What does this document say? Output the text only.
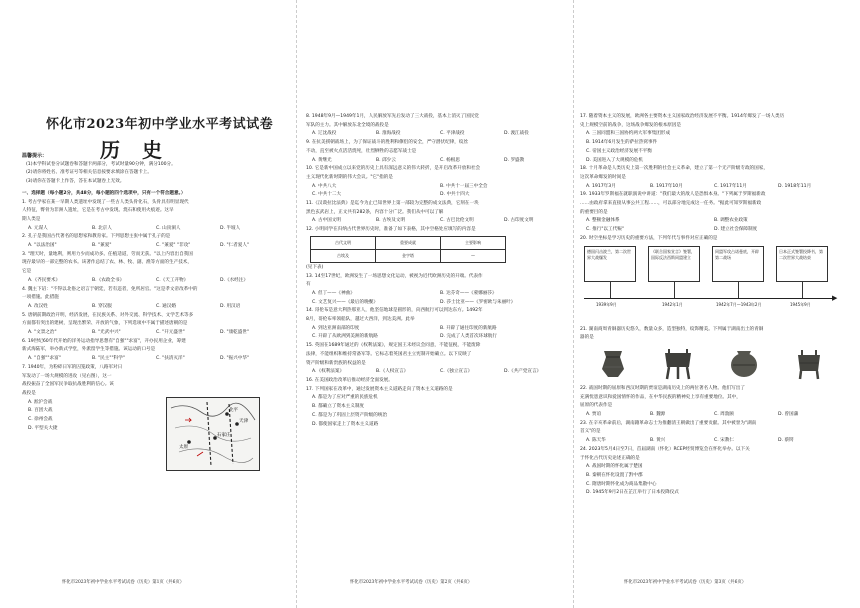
怀化市2023年初中学业水平考试试卷
历史
温馨提示：
(1)本学科试卷分试题卷和答题卡两部分，考试时量90分钟，满分100分。
(2)请你将姓名、准考证号等相关信息按要求填涂在答题卡上。
(3)请你在答题卡上作答，答在本试题卷上无效。
一、选择题（每小题2分，共48分，每小题的四个选项中，只有一个符合题意。）
1. 考古学家在某一早期人类遗址中发现了一些古人类头骨化石，头骨具有明显现代
人特征，臀骨为非洲人遗址，它是在考古中发现、烧石和使用火痕迹。这早
期人类是
A. 元谋人	B. 北京人	C. 山顶洞人	D. 半坡人
2. 孔子是我国古代著名的思想家和教育家。下列思想主张中属于孔子的是
A. "以法治国"	B. "兼爱"	C. "兼爱" "非攻"	D. "仁者爱人"
3. "理天时，量地利，则用力少而成功多。任植适道，劳而无获。"以上内容出自我国
现存最早的一部完整的农书。该著作总结了农、林、牧、副、渔等方面的生产技术，
它是
A.《齐民要术》	B.《农政全书》	C.《天工开物》	D.《水经注》
4. 魏主下诏："不得以北俗之语言于朝廷，若有违者，免所居官。"这是孝文帝改革中的
一项措施。此措施
A. 改汉姓	B. 穿汉服	C. 通汉婚	D. 用汉语
5. 唐朝前期政治开明，经济发展，在民族关系、对外交流、科学技术、文学艺术等多
方面都有突出的建树，呈现出繁荣、开放的气象，下列选项中不属于描述唐朝的是
A. "文景之治"	B. "光武中兴"	C. "开元盛世"	D. "康乾盛世"
6. 19世纪60年代开始的洋务运动指导思想有"自强""求富"，开办民用企业，筹建
新式海陆军，举办新式学堂，外派留学生等措施。该运动的口号是
A. "自强""求富"	B. "民主""科学"	C. "扶清灭洋"	D. "振兴中华"
7. 1940年，为粉碎日军的囚笼政策，八路军对日
军发动了一场大规模的进攻（见右图），这一
战役振奋了全国军民争取抗战胜利的信心。该
战役是
A. 淞沪会战
B. 百团大战
C. 徐州会战
D. 平型关大捷
北平
天津
石家庄
太原
8. 1948年9月—1949年1月，人民解放军先后发动了三大战役，基本上消灭了国民党
军队的主力。其中解放东北全境的战役是
A. 辽沈战役	B. 淮海战役	C. 平津战役	D. 渡江战役
9. 在抗美援朝战场上，为了保证战斗的胜利和僚侣的安全，严守潜伏纪律，纹丝
不动，直至被火点活活烧死，壮烈牺牲的志愿军战士是
A. 黄继光	B. 邱少云	C. 杨根思	D. 罗盛教
10. 它是新中国成立以来党的历史上具有深远意义的伟大转折，是开启改革开放和社会
主义现代化新时期的伟大会议。"它"指的是
A. 中共八大	B. 中共十一届三中全会
C. 中共十二大	D. 中共十四大
11.《汉谟拉比法典》是迄今为止已知世界上第一部较为完整的成文法典，它刻在一块
黑色玄武岩上，正文共有282条，内容十分广泛。我们从中可以了解
A. 古中国文明	B. 古埃及文明	C. 古巴比伦文明	D. 古印度文明
12. 小明同学在归纳古代世界历史时，准备了如下表格，其中空格处应填写的内容是
古代文明	重要成就	主要影响
古埃及	金字塔	—
(见下表)
13. 14至17世纪，欧洲发生了一场思想文化运动，被视为近代欧洲历史的开端。代表作
有
A. 但丁——《神曲》	B. 达芬奇——《蒙娜丽莎》
C. 文艺复兴——《最后的晚餐》	D. 莎士比亚——《罗密欧与朱丽叶》
14. 哥伦布是意大利热那亚人，他坚信地球是圆形的，向西航行可以到达东方。1492年
8月，哥伦布率领船队，越过大西洋，到达美洲。此举
A. 到达亚洲南部的印度	B. 开辟了通往印度的新航路
C. 开辟了从欧洲到美洲的新航路	D. 完成了人类首次环球航行
15. 英国在1689年通过的《权利法案》，规定国王未经议会同意，不能征税，不能废除
法律，不能组织和维持常备军等。它标志着英国君主立宪制开始确立。以下反映了
资产阶级和新贵族的权益的是
A.《权利法案》	B.《人权宣言》	C.《独立宣言》	D.《共产党宣言》
16. 在美国政治改革后推动经济全面发展。
17. 下列国家在改革中，通过发展资本主义道路走向了资本主义道路的是
A. 都是为了应对严重的民族危机
B. 都确立了资本主义制度
C. 都是为了巩固上层资产阶级的统治
D. 都使国家走上了资本主义道路
17. 随着资本主义的发展，欧洲各主要资本主义国家政治经济发展不平衡。1914年爆发了一场人类历
史上规模空前的战争，这场战争爆发的根本原因是
A. 三国同盟和三国协约两大军事集团形成
B. 1914年6月发生的萨拉热窝事件
C. 帝国主义政治经济发展不平衡
D. 美国进入了大规模的危机
18. 十月革命是人类历史上第一次胜利的社会主义革命，建立了第一个无产阶级专政的国家，
这次革命爆发的时间是
A. 1917年3月	B. 1917年10月	C. 1917年11月	D. 1918年11月
19. 1933年罗斯福在就职演说中讲道："我们最大的敌人是恐惧本身。"下列属于罗斯福新政
……由政府拿来直接从事公共工程……，可以部分地完成这一任务。"据此可知罗斯福新政
的重要目的是
A. 整顿金融体系	B. 调整农业政策
C. 推行"以工代赈"	D. 建立社会保障制度
20. 时空坐标是学习历史的重要方法，下列年代与事件对应正确的是
德国闪击波兰，第二次世界大战爆发
《联合国家宣言》签署，国际反法西斯同盟建立
同盟军攻占诺曼底，开辟第二战场
日本正式签署投降书，第二次世界大战结束
▶
1939年9月	1942年1月	1942年7月—1943年2月	1945年9月
21. 湖南商周青铜器历史悠久，数量众多，造型独特，纹饰精美。下列属于湖南出土的青铜
器的是
22. 战国时期的屈原和西汉时期的贾谊是湖南历史上的两位著名人物。他们写出了
充满忧患意识和爱国情怀的作品，在中华民族的精神史上享有重要地位。其中，
屈原的代表作是
A. 贾谊	B. 魏源	C. 周敦颐	D. 曾国藩
23. 在辛亥革命前后，湖南籍革命志士为推翻清王朝做出了重要贡献。其中被誉为"湖南
首义"的是
A. 陈天华	B. 黄兴	C. 宋教仁	D. 蔡锷
24. 2023年5月4日至7日，首届湖南（怀化）RCEP经贸博览会在怀化举办。以下关
于怀化古代历史论述正确的是
A. 战国时期的怀化属于楚国
B. 秦朝在怀化设置了黔中郡
C. 隋唐时期怀化成为商品集散中心
D. 1945年9月2日在芷江举行了日本投降仪式
怀化市2023年初中学业水平考试试卷（历史）第1页（共6页）	怀化市2023年初中学业水平考试试卷（历史）第2页（共6页）	怀化市2023年初中学业水平考试试卷（历史）第3页（共6页）
